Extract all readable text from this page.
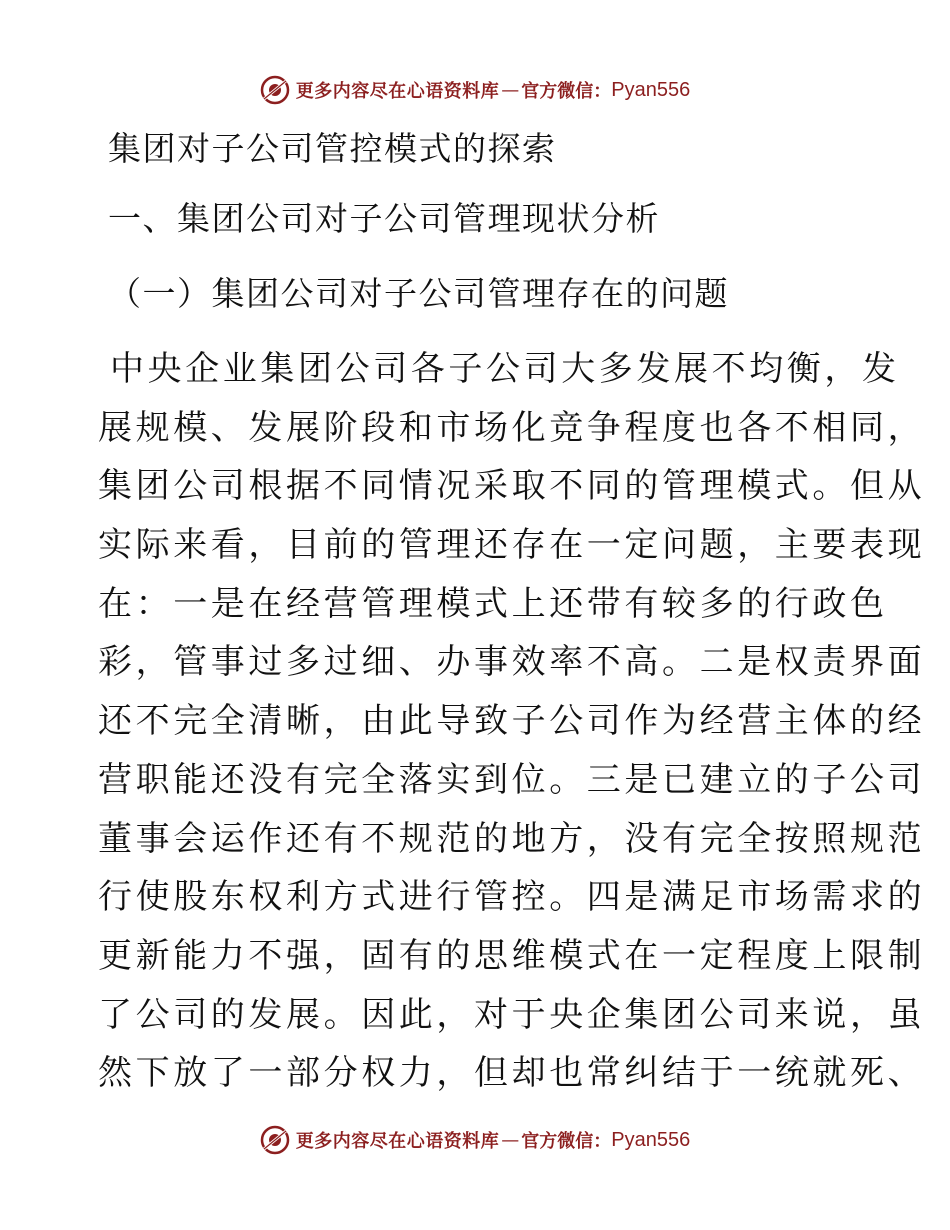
更多内容尽在心语资料库 — 官方微信： Pyan556
集团对子公司管控模式的探索
一、集团公司对子公司管理现状分析
（一）集团公司对子公司管理存在的问题
中央企业集团公司各子公司大多发展不均衡，发
展规模、发展阶段和市场化竞争程度也各不相同，
集团公司根据不同情况采取不同的管理模式。但从
实际来看，目前的管理还存在一定问题，主要表现
在：一是在经营管理模式上还带有较多的行政色
彩，管事过多过细、办事效率不高。二是权责界面
还不完全清晰，由此导致子公司作为经营主体的经
营职能还没有完全落实到位。三是已建立的子公司
董事会运作还有不规范的地方，没有完全按照规范
行使股东权利方式进行管控。四是满足市场需求的
更新能力不强，固有的思维模式在一定程度上限制
了公司的发展。因此，对于央企集团公司来说，虽
然下放了一部分权力，但却也常纠结于一统就死、
更多内容尽在心语资料库 — 官方微信： Pyan556
